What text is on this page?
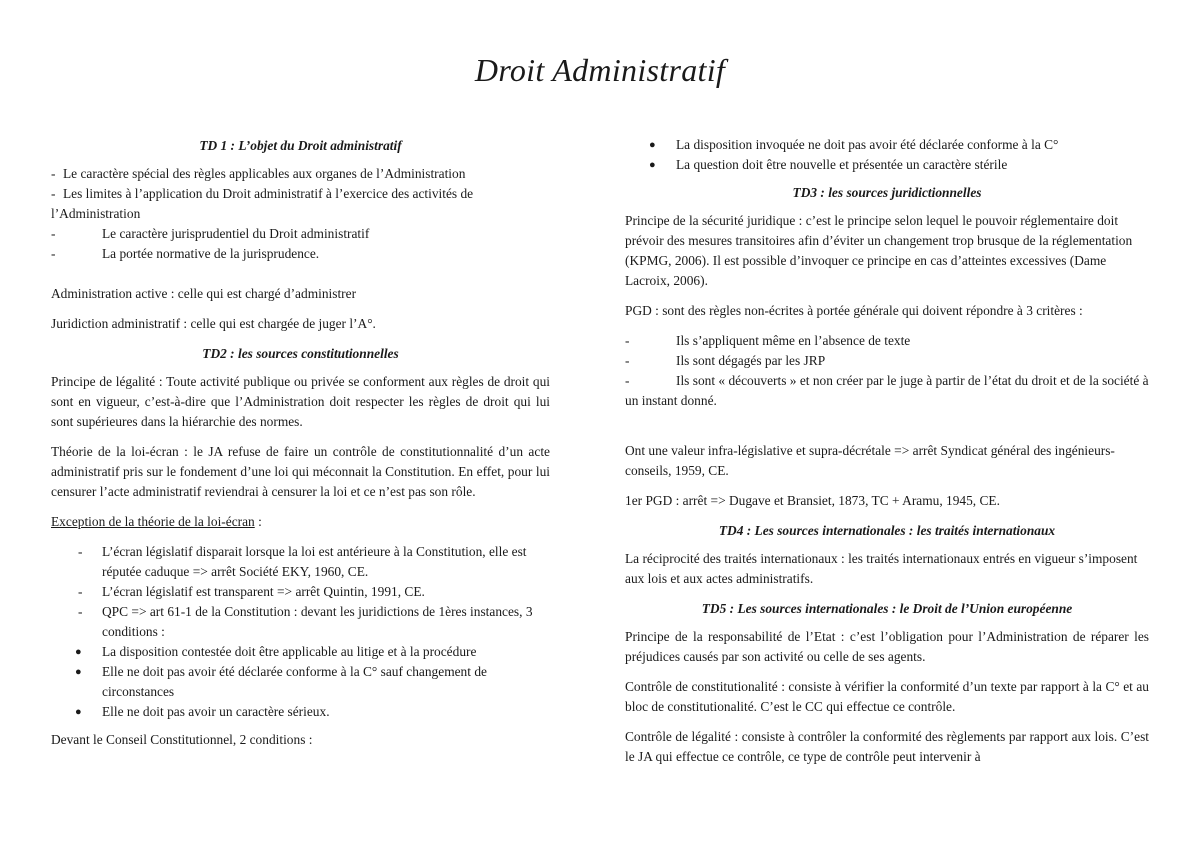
Droit Administratif
TD 1 : L’objet du Droit administratif
- Le caractère spécial des règles applicables aux organes de l’Administration
- Les limites à l’application du Droit administratif à l’exercice des activités de l’Administration
-	Le caractère jurisprudentiel du Droit administratif
-	La portée normative de la jurisprudence.

Administration active : celle qui est chargé d’administrer

Juridiction administratif : celle qui est chargée de juger l’A°.

TD2 : les sources constitutionnelles

Principe de légalité : Toute activité publique ou privée se conforment aux règles de droit qui sont en vigueur, c’est-à-dire que l’Administration doit respecter les règles de droit qui lui sont supérieures dans la hiérarchie des normes.

Théorie de la loi-écran : le JA refuse de faire un contrôle de constitutionnalité d’un acte administratif pris sur le fondement d’une loi qui méconnait la Constitution. En effet, pour lui censurer l’acte administratif reviendrai à censurer la loi et ce n’est pas son rôle.

Exception de la théorie de la loi-écran :

- L’écran législatif disparait lorsque la loi est antérieure à la Constitution, elle est réputée caduque => arrêt Société EKY, 1960, CE.
- L’écran législatif est transparent => arrêt Quintin, 1991, CE.
- QPC => art 61-1 de la Constitution : devant les juridictions de 1ères instances, 3 conditions :
● La disposition contestée doit être applicable au litige et à la procédure
● Elle ne doit pas avoir été déclarée conforme à la C° sauf changement de circonstances
● Elle ne doit pas avoir un caractère sérieux.

Devant le Conseil Constitutionnel, 2 conditions :

● La disposition invoquée ne doit pas avoir été déclarée conforme à la C°
● La question doit être nouvelle et présentée un caractère stérile
TD3 : les sources juridictionnelles

Principe de la sécurité juridique : c’est le principe selon lequel le pouvoir réglementaire doit prévoir des mesures transitoires afin d’éviter un changement trop brusque de la réglementation (KPMG, 2006). Il est possible d’invoquer ce principe en cas d’atteintes excessives (Dame Lacroix, 2006).

PGD : sont des règles non-écrites à portée générale qui doivent répondre à 3 critères :

-	Ils s’appliquent même en l’absence de texte
-	Ils sont dégagés par les JRP
-	Ils sont « découverts » et non créer par le juge à partir de l’état du droit et de la société à un instant donné.

Ont une valeur infra-législative et supra-décrétale => arrêt Syndicat général des ingénieurs-conseils, 1959, CE.

1er PGD : arrêt => Dugave et Bransiet, 1873, TC + Aramu, 1945, CE.

TD4 : Les sources internationales : les traités internationaux

La réciprocité des traités internationaux : les traités internationaux entrés en vigueur s’imposent aux lois et aux actes administratifs.

TD5 : Les sources internationales : le Droit de l’Union européenne

Principe de la responsabilité de l’Etat : c’est l’obligation pour l’Administration de réparer les préjudices causés par son activité ou celle de ses agents.

Contrôle de constitutionalité : consiste à vérifier la conformité d’un texte par rapport à la C° et au bloc de constitutionalité. C’est le CC qui effectue ce contrôle.

Contrôle de légalité : consiste à contrôler la conformité des règlements par rapport aux lois. C’est le JA qui effectue ce contrôle, ce type de contrôle peut intervenir à
